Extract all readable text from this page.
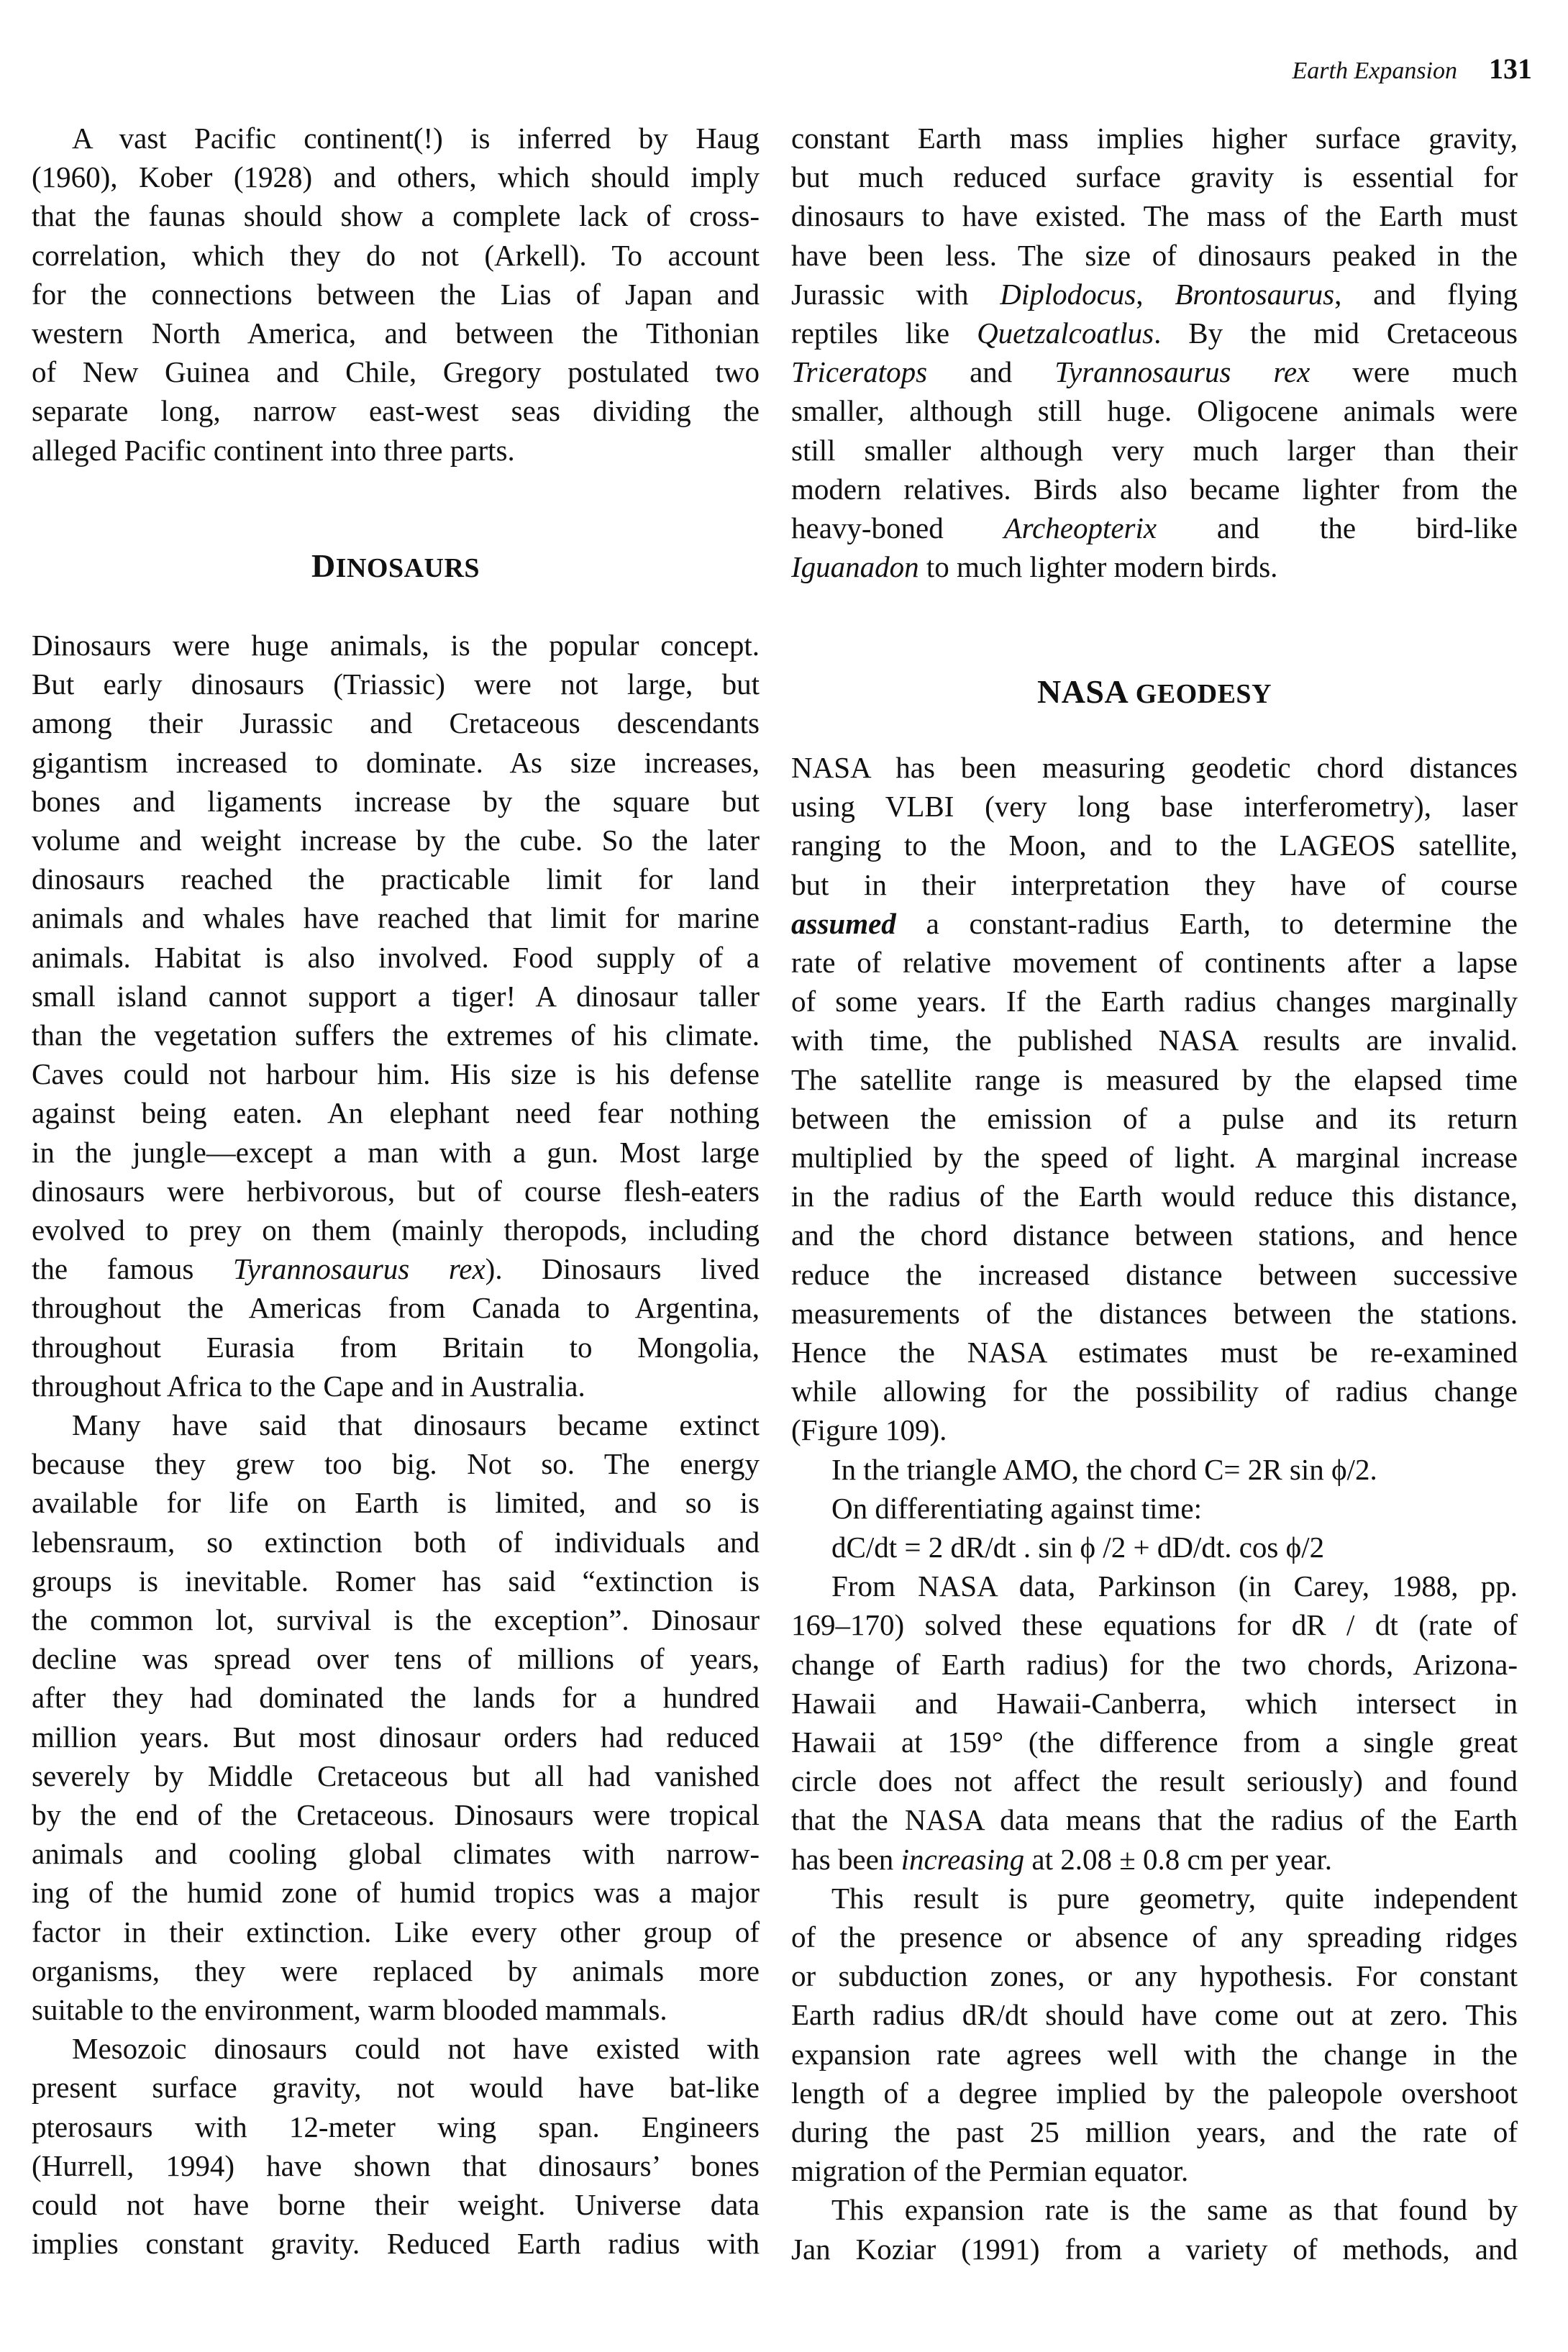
Earth Expansion 131
DINOSAURS
A vast Pacific continent(!) is inferred by Haug
(1960), Kober (1928) and others, which should imply
that the faunas should show a complete lack of cross-
correlation, which they do not (Arkell). To account
for the connections between the Lias of Japan and
western North America, and between the Tithonian
of New Guinea and Chile, Gregory postulated two
separate long, narrow east-west seas dividing the
alleged Pacific continent into three parts.
Dinosaurs were huge animals, is the popular concept.
But early dinosaurs (Triassic) were not large, but
among their Jurassic and Cretaceous descendants
gigantism increased to dominate. As size increases,
bones and ligaments increase by the square but
volume and weight increase by the cube. So the later
dinosaurs reached the practicable limit for land
animals and whales have reached that limit for marine
animals. Habitat is also involved. Food supply of a
small island cannot support a tiger! A dinosaur taller
than the vegetation suffers the extremes of his climate.
Caves could not harbour him. His size is his defense
against being eaten. An elephant need fear nothing
in the jungle—except a man with a gun. Most large
dinosaurs were herbivorous, but of course flesh-eaters
evolved to prey on them (mainly theropods, including
the famous Tyrannosaurus rex). Dinosaurs lived
throughout the Americas from Canada to Argentina,
throughout Eurasia from Britain to Mongolia,
throughout Africa to the Cape and in Australia.
Many have said that dinosaurs became extinct
because they grew too big. Not so. The energy
available for life on Earth is limited, and so is
lebensraum, so extinction both of individuals and
groups is inevitable. Romer has said “extinction is
the common lot, survival is the exception”. Dinosaur
decline was spread over tens of millions of years,
after they had dominated the lands for a hundred
million years. But most dinosaur orders had reduced
severely by Middle Cretaceous but all had vanished
by the end of the Cretaceous. Dinosaurs were tropical
animals and cooling global climates with narrow-
ing of the humid zone of humid tropics was a major
factor in their extinction. Like every other group of
organisms, they were replaced by animals more
suitable to the environment, warm blooded mammals.
Mesozoic dinosaurs could not have existed with
present surface gravity, not would have bat-like
pterosaurs with 12-meter wing span. Engineers
(Hurrell, 1994) have shown that dinosaurs’ bones
could not have borne their weight. Universe data
implies constant gravity. Reduced Earth radius with
NASA GEODESY
constant Earth mass implies higher surface gravity,
but much reduced surface gravity is essential for
dinosaurs to have existed. The mass of the Earth must
have been less. The size of dinosaurs peaked in the
Jurassic with Diplodocus, Brontosaurus, and flying
reptiles like Quetzalcoatlus. By the mid Cretaceous
Triceratops and Tyrannosaurus rex were much
smaller, although still huge. Oligocene animals were
still smaller although very much larger than their
modern relatives. Birds also became lighter from the
heavy-boned Archeopterix and the bird-like
Iguanadon to much lighter modern birds.
NASA has been measuring geodetic chord distances
using VLBI (very long base interferometry), laser
ranging to the Moon, and to the LAGEOS satellite,
but in their interpretation they have of course
assumed a constant-radius Earth, to determine the
rate of relative movement of continents after a lapse
of some years. If the Earth radius changes marginally
with time, the published NASA results are invalid.
The satellite range is measured by the elapsed time
between the emission of a pulse and its return
multiplied by the speed of light. A marginal increase
in the radius of the Earth would reduce this distance,
and the chord distance between stations, and hence
reduce the increased distance between successive
measurements of the distances between the stations.
Hence the NASA estimates must be re-examined
while allowing for the possibility of radius change
(Figure 109).
In the triangle AMO, the chord C= 2R sin ϕ/2.
On differentiating against time:
dC/dt = 2 dR/dt . sin ϕ /2 + dD/dt. cos ϕ/2
From NASA data, Parkinson (in Carey, 1988, pp.
169–170) solved these equations for dR / dt (rate of
change of Earth radius) for the two chords, Arizona-
Hawaii and Hawaii-Canberra, which intersect in
Hawaii at 159° (the difference from a single great
circle does not affect the result seriously) and found
that the NASA data means that the radius of the Earth
has been increasing at 2.08 ± 0.8 cm per year.
This result is pure geometry, quite independent
of the presence or absence of any spreading ridges
or subduction zones, or any hypothesis. For constant
Earth radius dR/dt should have come out at zero. This
expansion rate agrees well with the change in the
length of a degree implied by the paleopole overshoot
during the past 25 million years, and the rate of
migration of the Permian equator.
This expansion rate is the same as that found by
Jan Koziar (1991) from a variety of methods, and
